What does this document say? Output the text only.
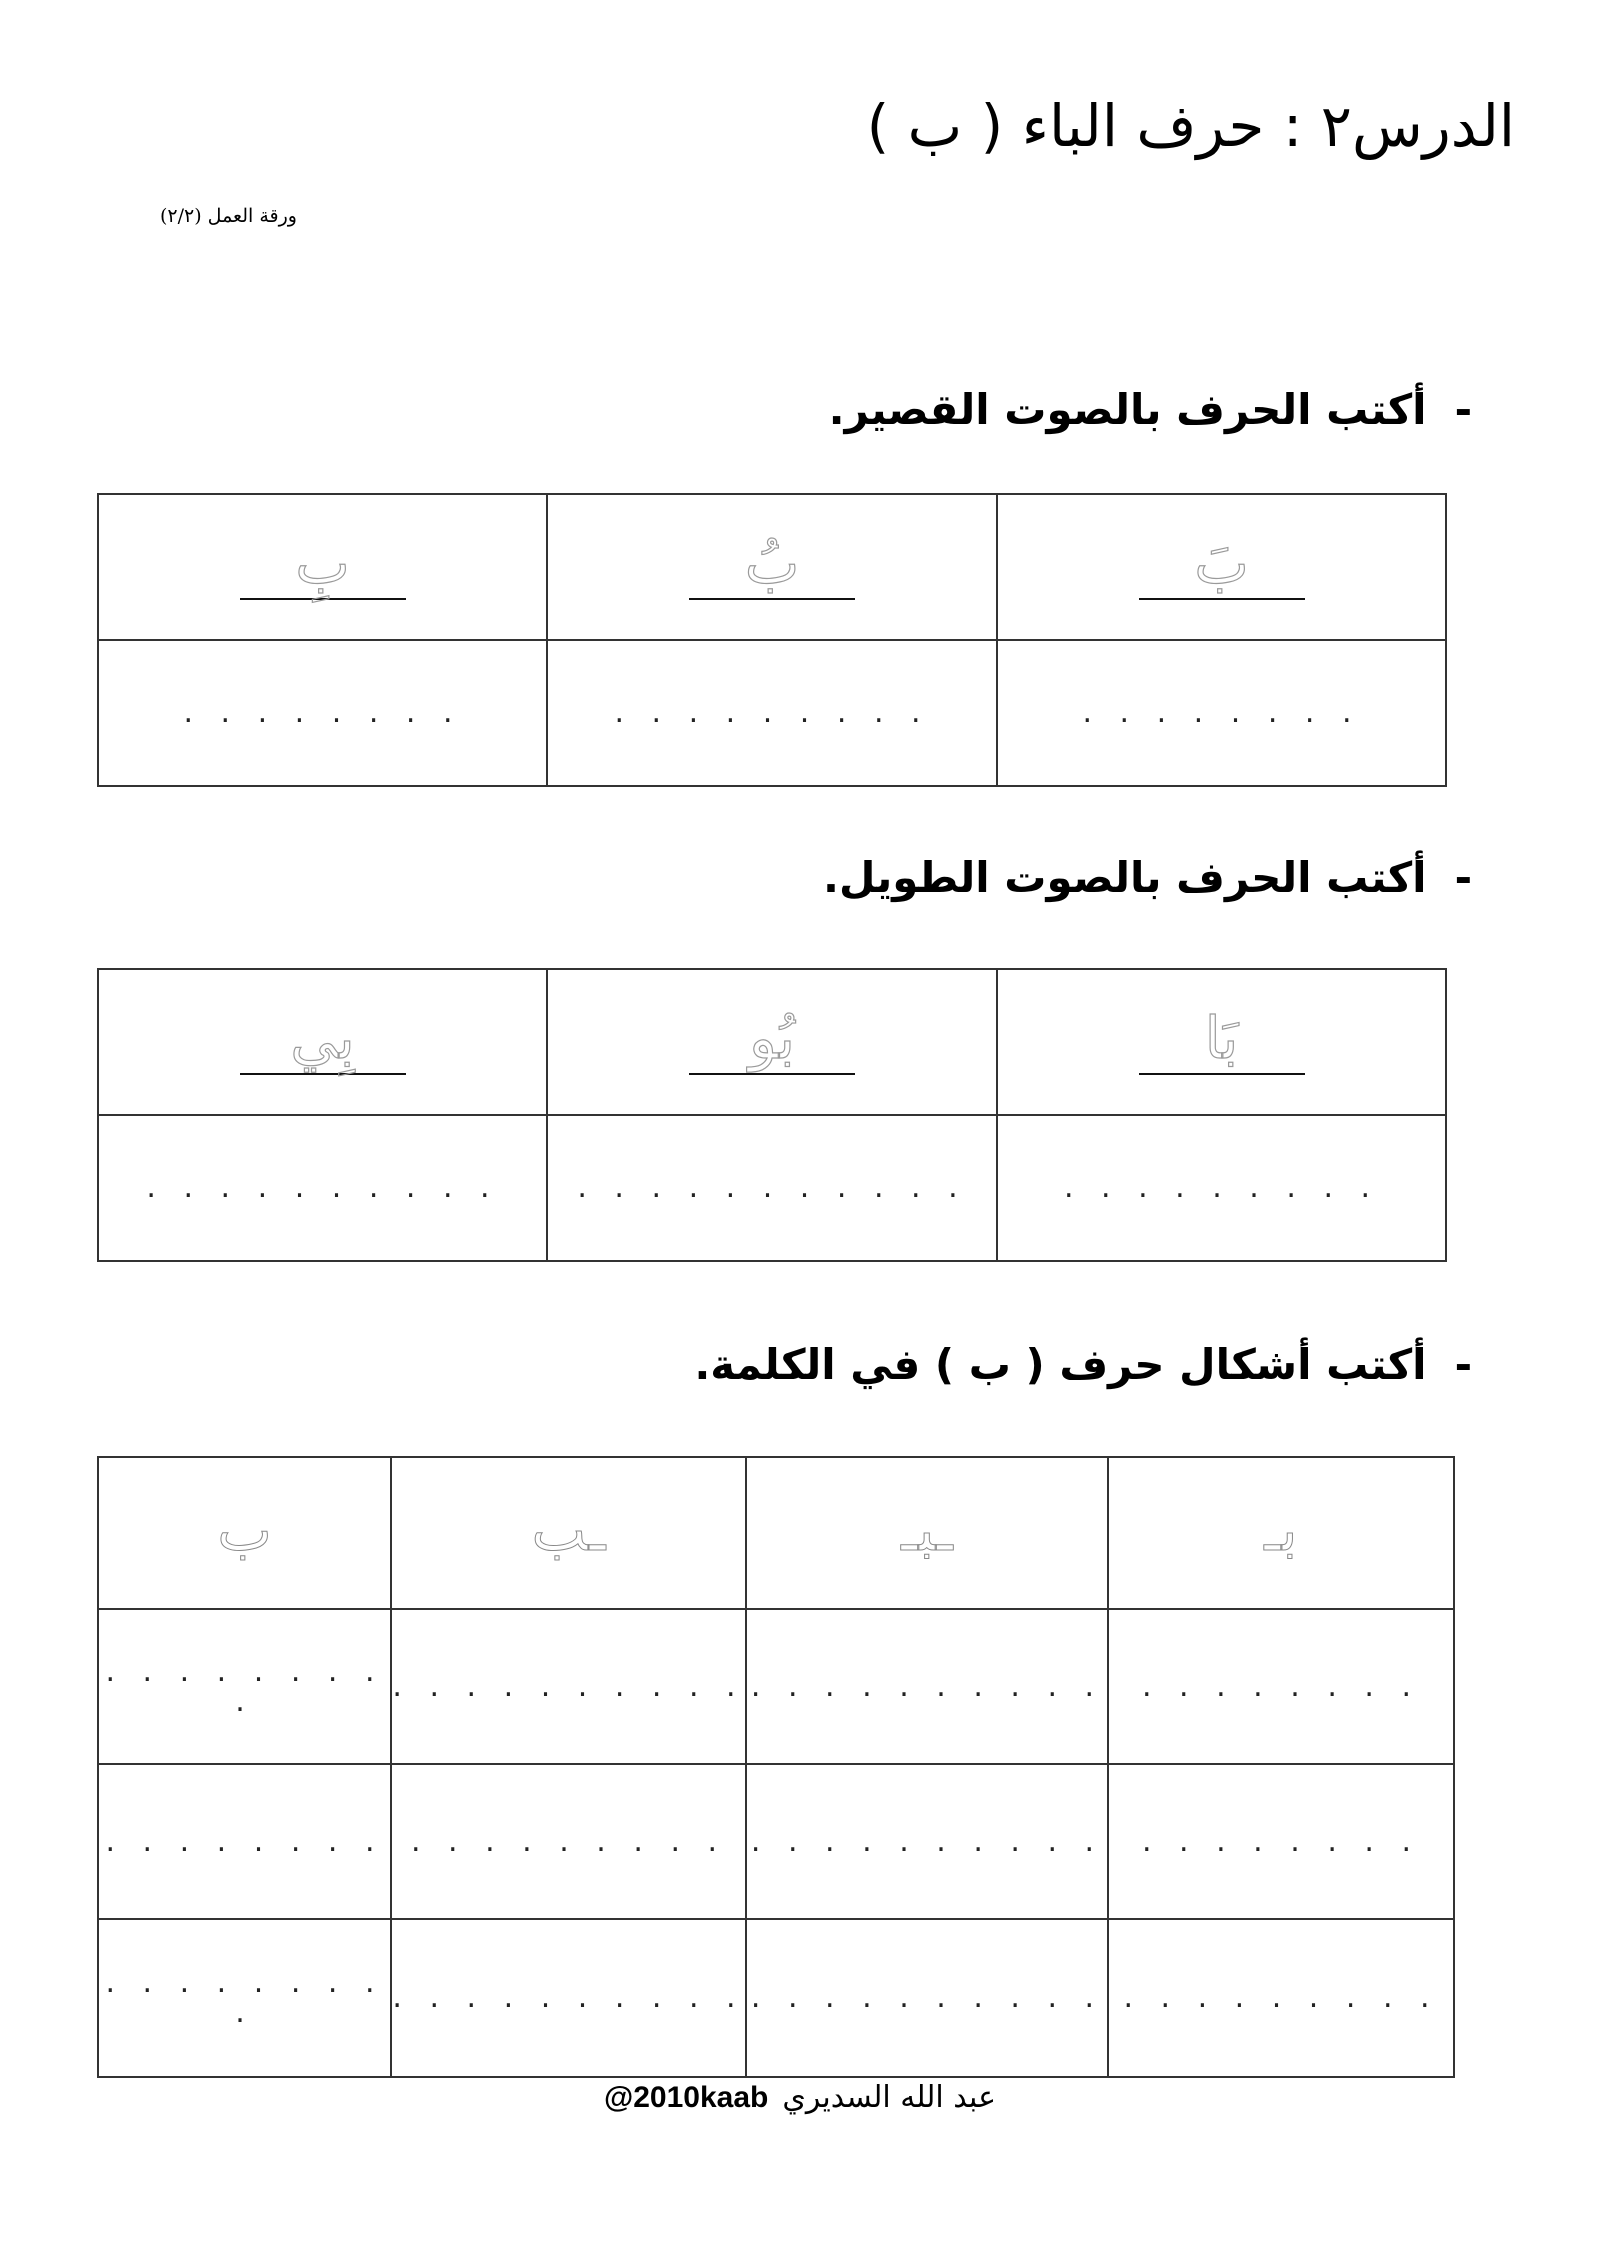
الدرس٢ : حرف الباء ( ب )
ورقة العمل (٢/٢)
-أكتب الحرف بالصوت القصير.
بَ	بُ	بِ
. . . . . . . .	. . . . . . . . .	. . . . . . . .
-أكتب الحرف بالصوت الطويل.
بَا	بُو	بِي
. . . . . . . . .	. . . . . . . . . . .	. . . . . . . . . .
-أكتب أشكال حرف ( ب ) في الكلمة.
بـ	ـبـ	ـب	ب
. . . . . . . .	. . . . . . . . . .	. . . . . . . . . .	. . . . . . . . .
. . . . . . . .	. . . . . . . . . .	. . . . . . . . .	. . . . . . . .
. . . . . . . . .	. . . . . . . . . .	. . . . . . . . . .	. . . . . . . . .
عبد الله السديري@2010kaab
